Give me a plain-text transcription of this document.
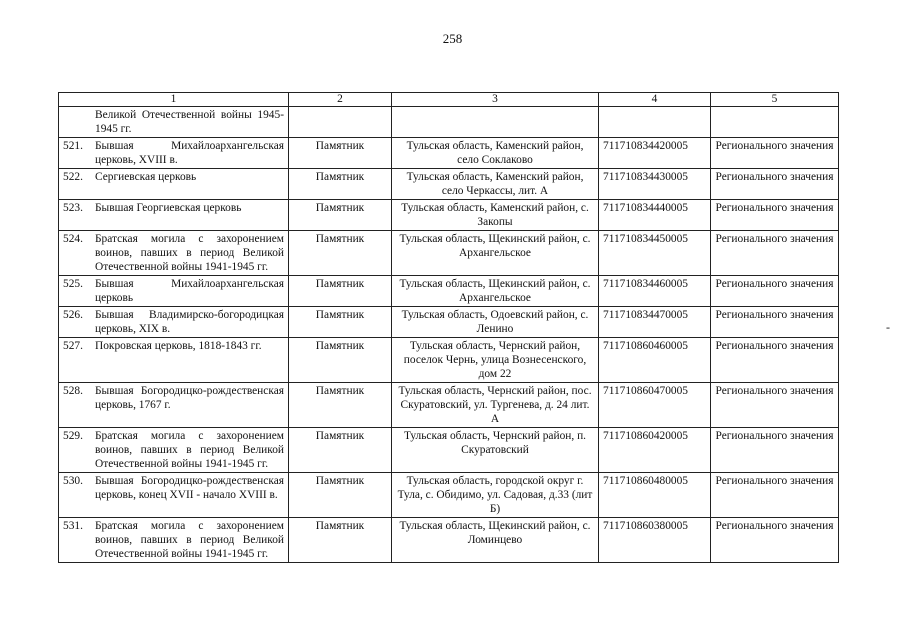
258
-
1	2	3	4	5

Великой Отечественной войны 1945-1945 гг.				

521. Бывшая Михайлоархангельская церковь, XVIII в.	Памятник	Тульская область, Каменский район, село Соклаково	711710834420005	Регионального значения

522. Сергиевская церковь	Памятник	Тульская область, Каменский район, село Черкассы, лит. А	711710834430005	Регионального значения

523. Бывшая Георгиевская церковь	Памятник	Тульская область, Каменский район, с. Закопы	711710834440005	Регионального значения

524. Братская могила с захоронением воинов, павших в период Великой Отечественной войны 1941-1945 гг.	Памятник	Тульская область, Щекинский район, с. Архангельское	711710834450005	Регионального значения

525. Бывшая Михайлоархангельская церковь	Памятник	Тульская область, Щекинский район, с. Архангельское	711710834460005	Регионального значения

526. Бывшая Владимирско-богородицкая церковь, XIX в.	Памятник	Тульская область, Одоевский район, с. Ленино	711710834470005	Регионального значения

527. Покровская церковь, 1818-1843 гг.	Памятник	Тульская область, Чернский район, поселок Чернь, улица Вознесенского, дом 22	711710860460005	Регионального значения

528. Бывшая Богородицко-рождественская церковь, 1767 г.	Памятник	Тульская область, Чернский район, пос. Скуратовский, ул. Тургенева, д. 24 лит. А	711710860470005	Регионального значения

529. Братская могила с захоронением воинов, павших в период Великой Отечественной войны 1941-1945 гг.	Памятник	Тульская область, Чернский район, п. Скуратовский	711710860420005	Регионального значения

530. Бывшая Богородицко-рождественская церковь, конец XVII - начало XVIII в.	Памятник	Тульская область, городской округ г. Тула, с. Обидимо, ул. Садовая, д.33 (лит Б)	711710860480005	Регионального значения

531. Братская могила с захоронением воинов, павших в период Великой Отечественной войны 1941-1945 гг.	Памятник	Тульская область, Щекинский район, с. Ломинцево	711710860380005	Регионального значения
